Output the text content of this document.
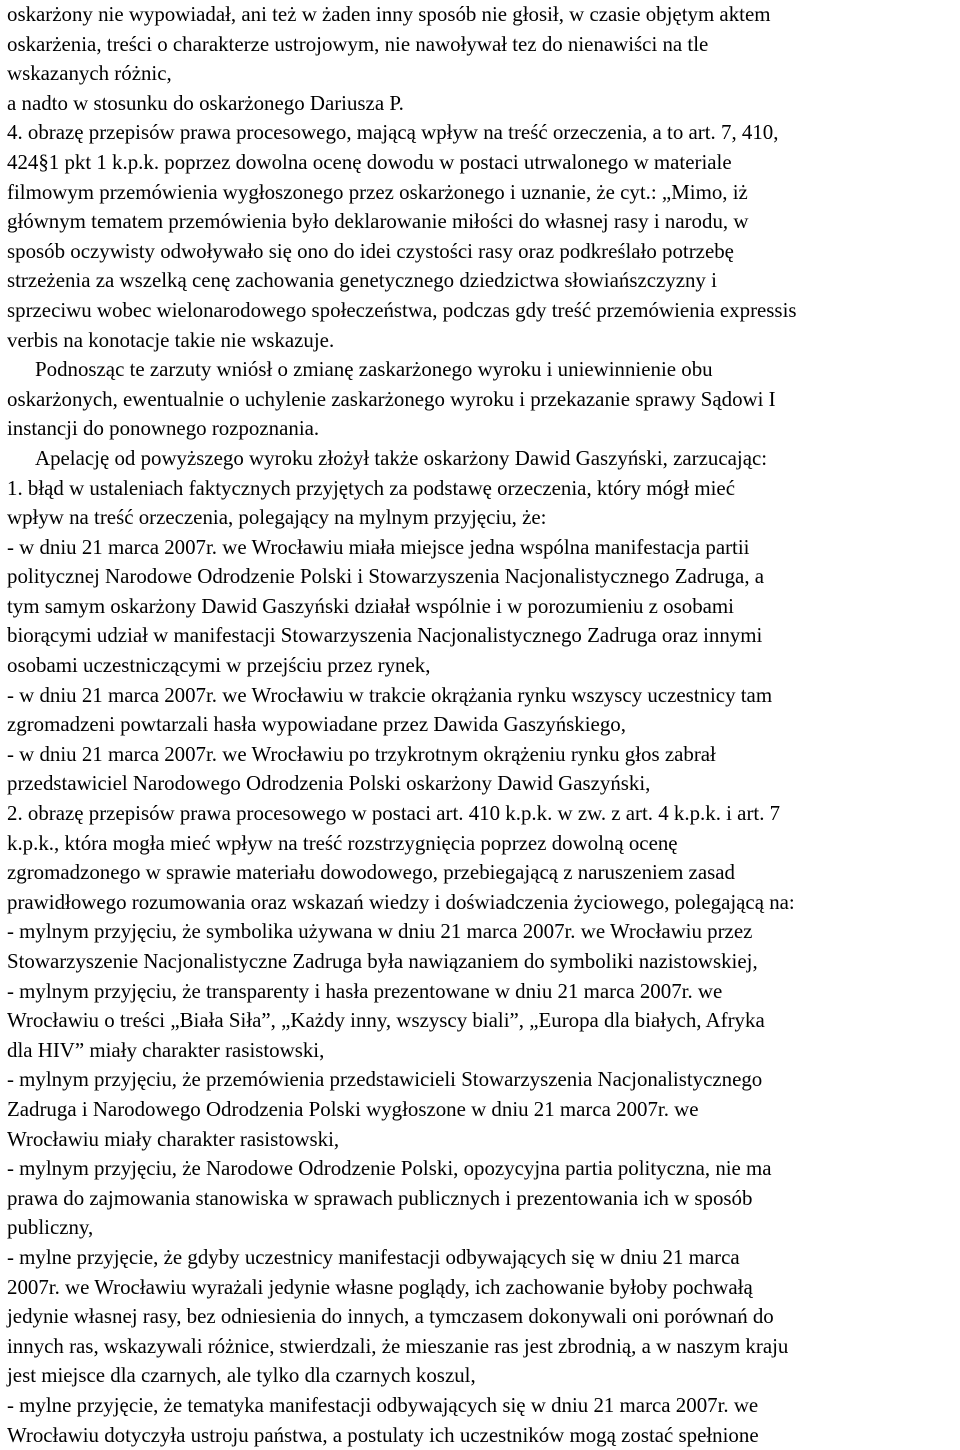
oskarżony nie wypowiadał, ani też w żaden inny sposób nie głosił, w czasie objętym aktem
oskarżenia, treści o charakterze ustrojowym, nie nawoływał tez do nienawiści na tle
wskazanych różnic,
a nadto w stosunku do oskarżonego Dariusza P.
4. obrazę przepisów prawa procesowego, mającą wpływ na treść orzeczenia, a to art. 7, 410,
424§1 pkt 1 k.p.k. poprzez dowolna ocenę dowodu w postaci utrwalonego w materiale
filmowym przemówienia wygłoszonego przez oskarżonego i uznanie, że cyt.: „Mimo, iż
głównym tematem przemówienia było deklarowanie miłości do własnej rasy i narodu, w
sposób oczywisty odwoływało się ono do idei czystości rasy oraz podkreślało potrzebę
strzeżenia za wszelką cenę zachowania genetycznego dziedzictwa słowiańszczyzny i
sprzeciwu wobec wielonarodowego społeczeństwa, podczas gdy treść przemówienia expressis
verbis na konotacje takie nie wskazuje.
Podnosząc te zarzuty wniósł o zmianę zaskarżonego wyroku i uniewinnienie obu
oskarżonych, ewentualnie o uchylenie zaskarżonego wyroku i przekazanie sprawy Sądowi I
instancji do ponownego rozpoznania.
Apelację od powyższego wyroku złożył także oskarżony Dawid Gaszyński, zarzucając:
1. błąd w ustaleniach faktycznych przyjętych za podstawę orzeczenia, który mógł mieć
wpływ na treść orzeczenia, polegający na mylnym przyjęciu, że:
- w dniu 21 marca 2007r. we Wrocławiu miała miejsce jedna wspólna manifestacja partii
politycznej Narodowe Odrodzenie Polski i Stowarzyszenia Nacjonalistycznego Zadruga, a
tym samym oskarżony Dawid Gaszyński działał wspólnie i w porozumieniu z osobami
biorącymi udział w manifestacji Stowarzyszenia Nacjonalistycznego Zadruga oraz innymi
osobami uczestniczącymi w przejściu przez rynek,
- w dniu 21 marca 2007r. we Wrocławiu w trakcie okrążania rynku wszyscy uczestnicy tam
zgromadzeni powtarzali hasła wypowiadane przez Dawida Gaszyńskiego,
- w dniu 21 marca 2007r. we Wrocławiu po trzykrotnym okrążeniu rynku głos zabrał
przedstawiciel Narodowego Odrodzenia Polski oskarżony Dawid Gaszyński,
2. obrazę przepisów prawa procesowego w postaci art. 410 k.p.k. w zw. z art. 4 k.p.k. i art. 7
k.p.k., która mogła mieć wpływ na treść rozstrzygnięcia poprzez dowolną ocenę
zgromadzonego w sprawie materiału dowodowego, przebiegającą z naruszeniem zasad
prawidłowego rozumowania oraz wskazań wiedzy i doświadczenia życiowego, polegającą na:
- mylnym przyjęciu, że symbolika używana w dniu 21 marca 2007r. we Wrocławiu przez
Stowarzyszenie Nacjonalistyczne Zadruga była nawiązaniem do symboliki nazistowskiej,
- mylnym przyjęciu, że transparenty i hasła prezentowane w dniu 21 marca 2007r. we
Wrocławiu o treści „Biała Siła”, „Każdy inny, wszyscy biali”, „Europa dla białych, Afryka
dla HIV” miały charakter rasistowski,
- mylnym przyjęciu, że przemówienia przedstawicieli Stowarzyszenia Nacjonalistycznego
Zadruga i Narodowego Odrodzenia Polski wygłoszone w dniu 21 marca 2007r. we
Wrocławiu miały charakter rasistowski,
- mylnym przyjęciu, że Narodowe Odrodzenie Polski, opozycyjna partia polityczna, nie ma
prawa do zajmowania stanowiska w sprawach publicznych i prezentowania ich w sposób
publiczny,
- mylne przyjęcie, że gdyby uczestnicy manifestacji odbywających się w dniu 21 marca
2007r. we Wrocławiu wyrażali jedynie własne poglądy, ich zachowanie byłoby pochwałą
jedynie własnej rasy, bez odniesienia do innych, a tymczasem dokonywali oni porównań do
innych ras, wskazywali różnice, stwierdzali, że mieszanie ras jest zbrodnią, a w naszym kraju
jest miejsce dla czarnych, ale tylko dla czarnych koszul,
- mylne przyjęcie, że tematyka manifestacji odbywających się w dniu 21 marca 2007r. we
Wrocławiu dotyczyła ustroju państwa, a postulaty ich uczestników mogą zostać spełnione
